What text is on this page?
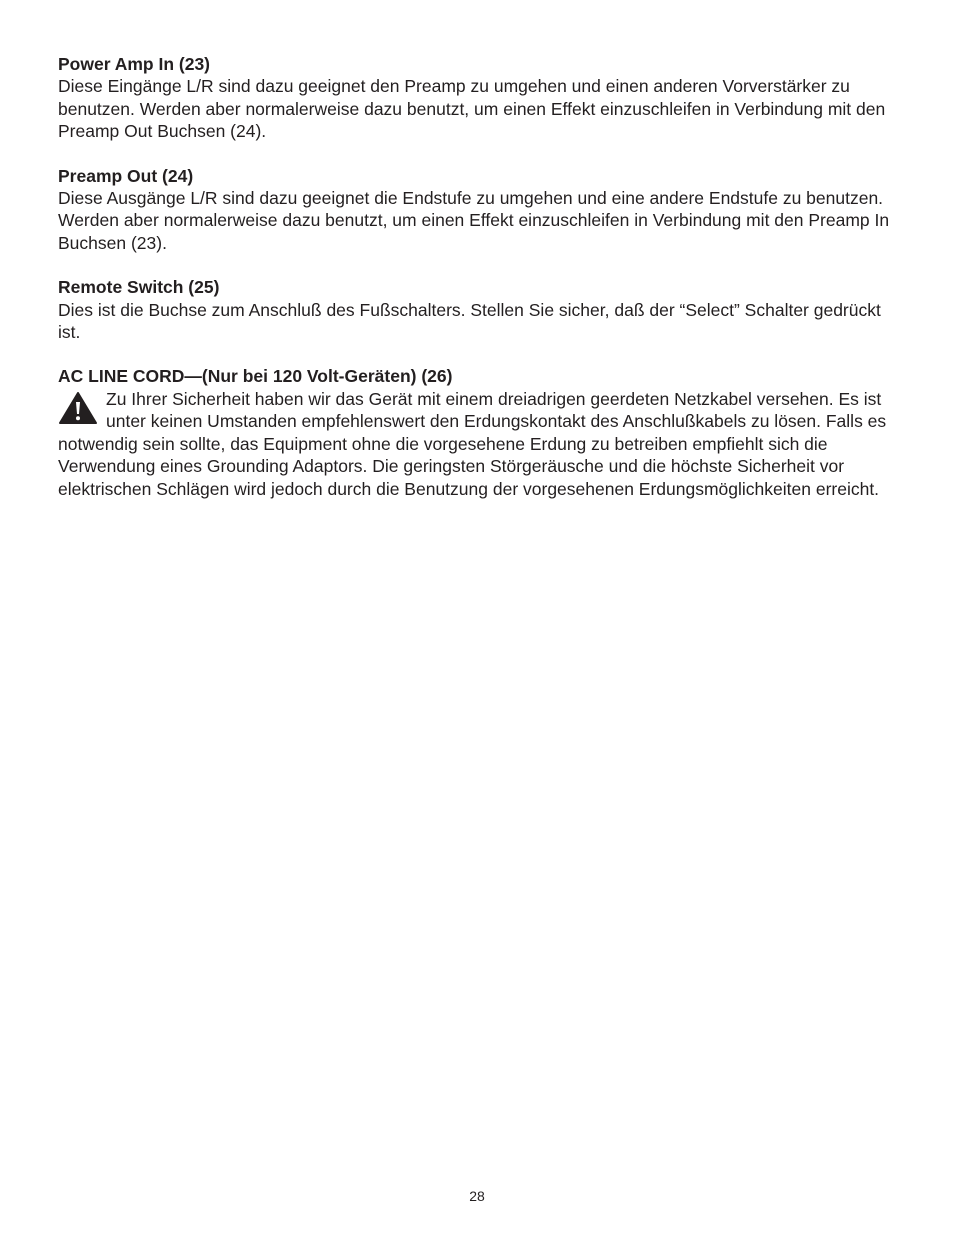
Power Amp In (23)
Diese Eingänge L/R sind dazu geeignet den Preamp zu umgehen und einen anderen Vorverstärker zu benutzen. Werden aber normalerweise dazu benutzt, um einen Effekt einzuschleifen in Verbindung mit den Preamp Out Buchsen (24).
Preamp Out (24)
Diese Ausgänge L/R sind dazu geeignet die Endstufe zu umgehen und eine andere Endstufe zu benutzen. Werden aber normalerweise dazu benutzt, um einen Effekt einzuschleifen in Verbindung mit den Preamp In Buchsen (23).
Remote Switch (25)
Dies ist die Buchse zum Anschluß des Fußschalters. Stellen Sie sicher, daß der “Select” Schalter gedrückt ist.
AC LINE CORD—(Nur bei 120 Volt-Geräten) (26)
Zu Ihrer Sicherheit haben wir das Gerät mit einem dreiadrigen geerdeten Netzkabel versehen. Es ist unter keinen Umstanden empfehlenswert den Erdungskontakt des Anschlußkabels zu lösen. Falls es notwendig sein sollte, das Equipment ohne die vorgesehene Erdung zu betreiben empfiehlt sich die Verwendung eines Grounding Adaptors. Die geringsten Störgeräusche und die höchste Sicherheit vor elektrischen Schlägen wird jedoch durch die Benutzung der vorgesehenen Erdungsmöglichkeiten erreicht.
28
